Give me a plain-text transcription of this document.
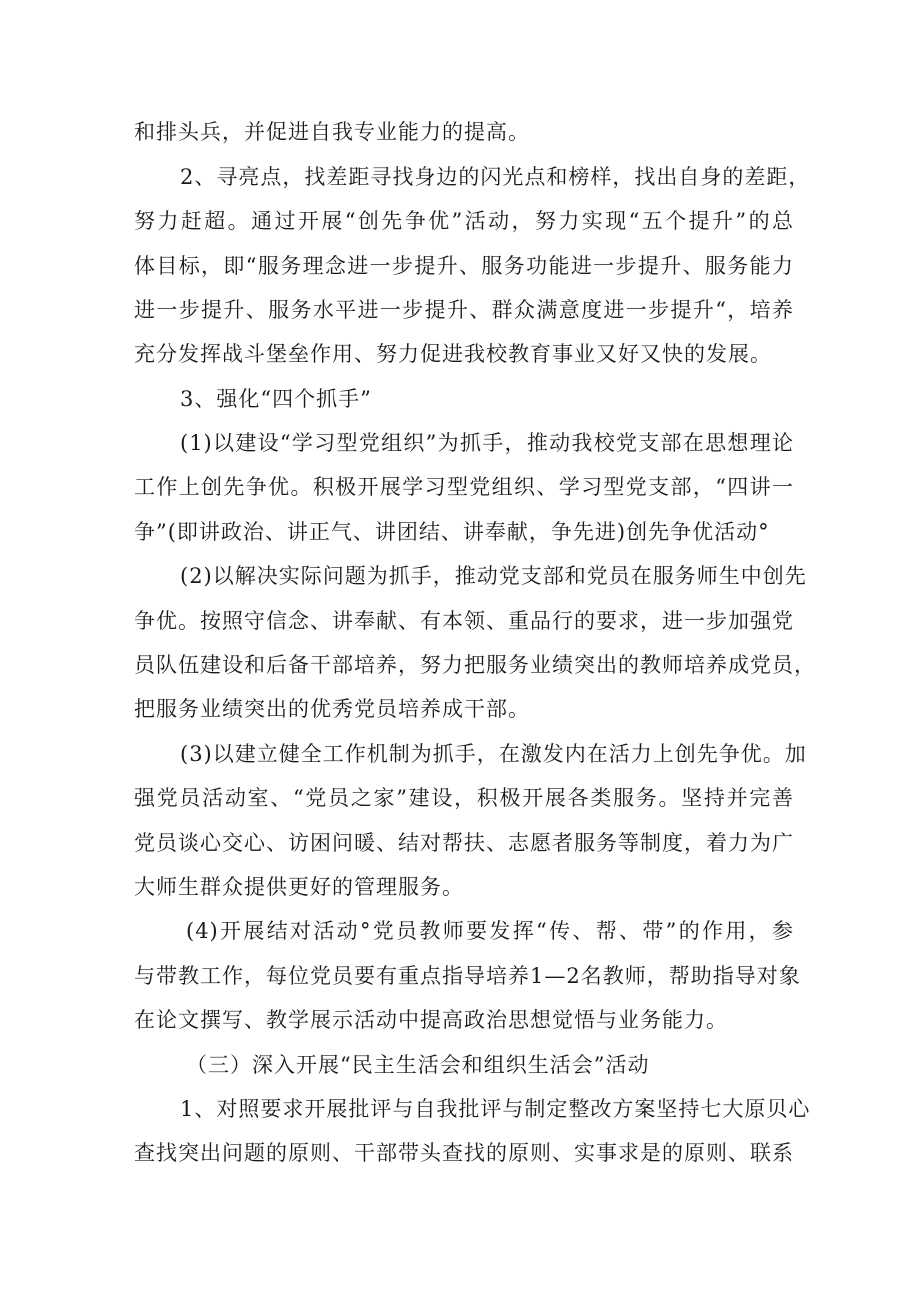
和排头兵，并促进自我专业能力的提高。
2、寻亮点，找差距寻找身边的闪光点和榜样，找出自身的差距，
努力赶超。通过开展“创先争优”活动，努力实现“五个提升”的总
体目标，即“服务理念进一步提升、服务功能进一步提升、服务能力
进一步提升、服务水平进一步提升、群众满意度进一步提升“，培养
充分发挥战斗堡垒作用、努力促进我校教育事业又好又快的发展。
3、强化“四个抓手”
(1)以建设“学习型党组织”为抓手，推动我校党支部在思想理论
工作上创先争优。积极开展学习型党组织、学习型党支部，“四讲一
争”(即讲政治、讲正气、讲团结、讲奉献，争先进)创先争优活动°
(2)以解决实际问题为抓手，推动党支部和党员在服务师生中创先
争优。按照守信念、讲奉献、有本领、重品行的要求，进一步加强党
员队伍建设和后备干部培养，努力把服务业绩突出的教师培养成党员，
把服务业绩突出的优秀党员培养成干部。
(3)以建立健全工作机制为抓手，在激发内在活力上创先争优。加
强党员活动室、“党员之家”建设，积极开展各类服务。坚持并完善
党员谈心交心、访困问暖、结对帮扶、志愿者服务等制度，着力为广
大师生群众提供更好的管理服务。
(4)开展结对活动°党员教师要发挥“传、帮、带”的作用，参
与带教工作，每位党员要有重点指导培养1—2名教师，帮助指导对象
在论文撰写、教学展示活动中提高政治思想觉悟与业务能力。
（三）深入开展“民主生活会和组织生活会”活动
1、对照要求开展批评与自我批评与制定整改方案坚持七大原贝心
查找突出问题的原则、干部带头查找的原则、实事求是的原则、联系
